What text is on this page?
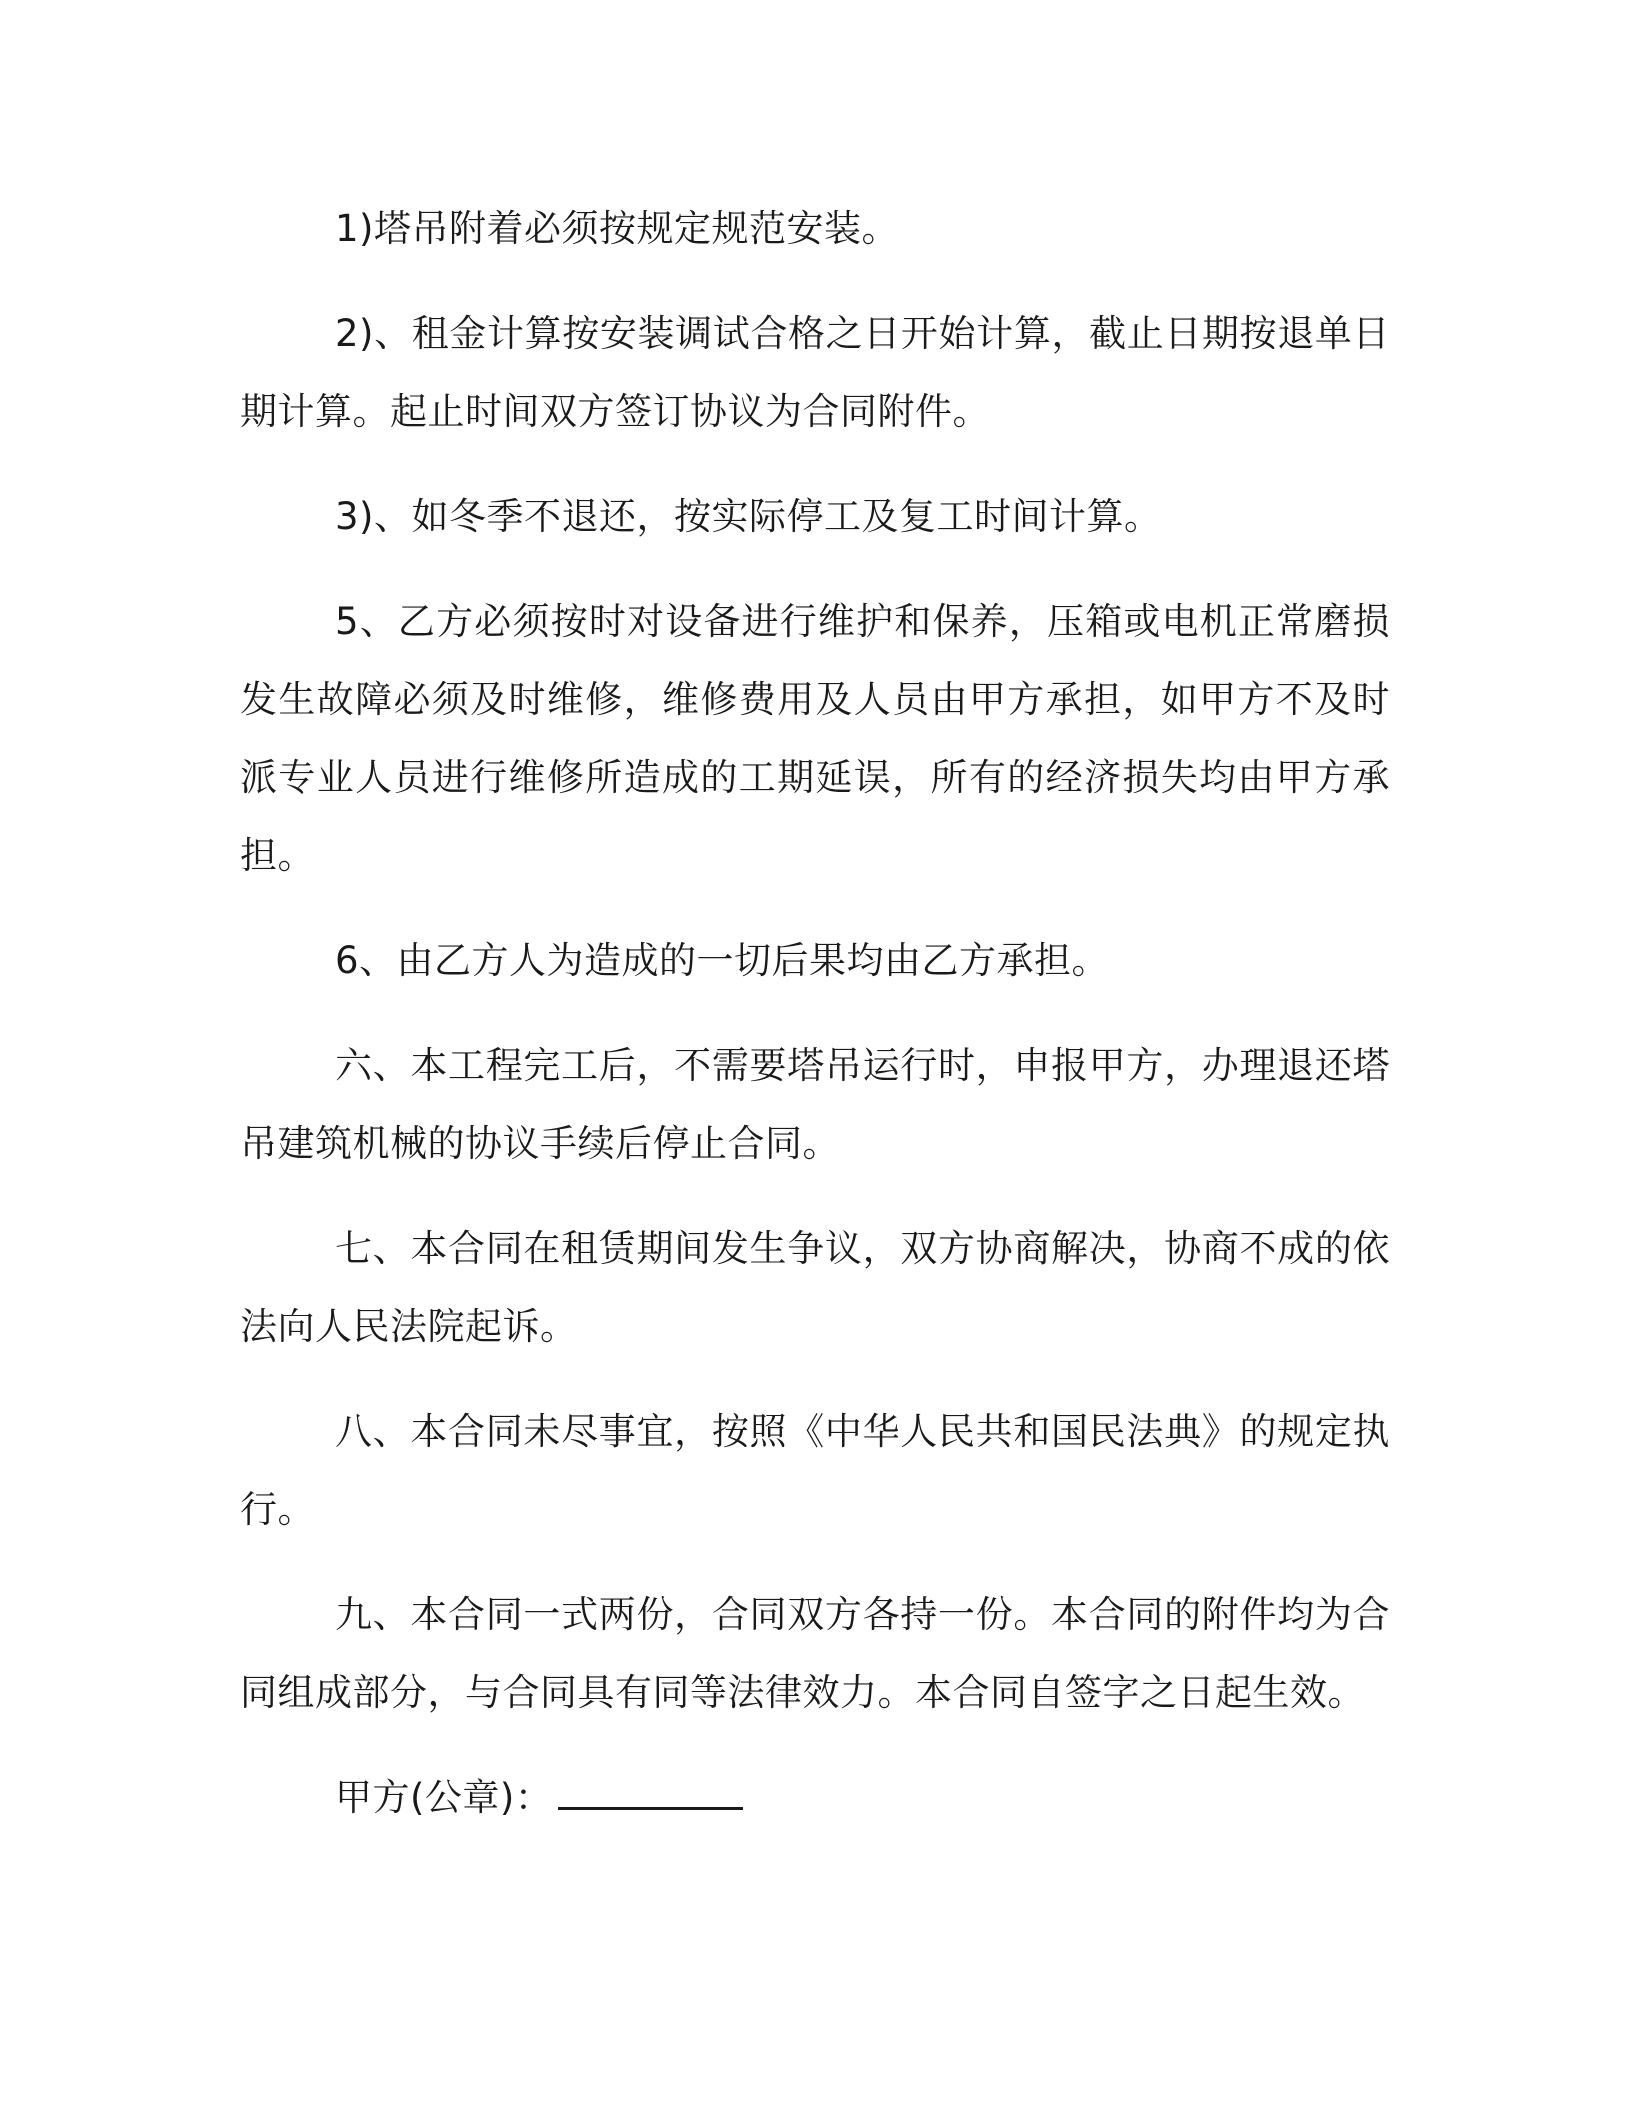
1)塔吊附着必须按规定规范安装。

2)、租金计算按安装调试合格之日开始计算，截止日期按退单日期计算。起止时间双方签订协议为合同附件。

3)、如冬季不退还，按实际停工及复工时间计算。

5、乙方必须按时对设备进行维护和保养，压箱或电机正常磨损发生故障必须及时维修，维修费用及人员由甲方承担，如甲方不及时派专业人员进行维修所造成的工期延误，所有的经济损失均由甲方承担。

6、由乙方人为造成的一切后果均由乙方承担。

六、本工程完工后，不需要塔吊运行时，申报甲方，办理退还塔吊建筑机械的协议手续后停止合同。

七、本合同在租赁期间发生争议，双方协商解决，协商不成的依法向人民法院起诉。

八、本合同未尽事宜，按照《中华人民共和国民法典》的规定执行。

九、本合同一式两份，合同双方各持一份。本合同的附件均为合同组成部分，与合同具有同等法律效力。本合同自签字之日起生效。

甲方(公章)：
